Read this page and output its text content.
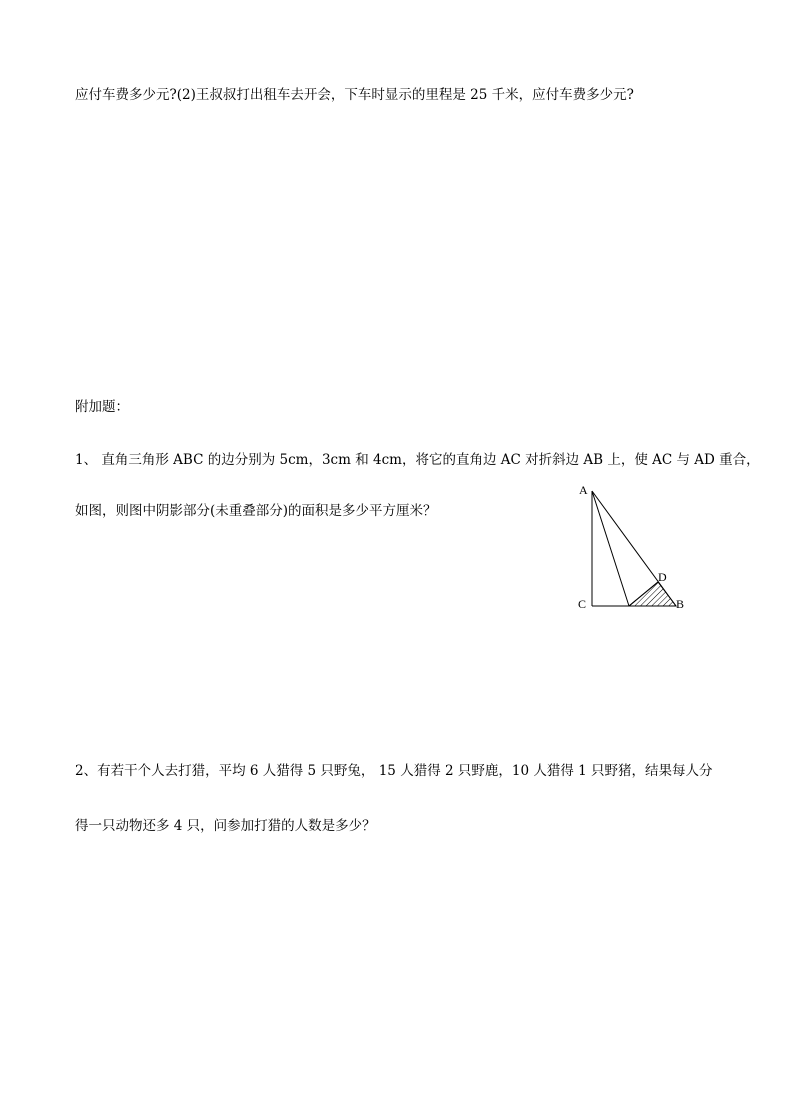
应付车费多少元?(2)王叔叔打出租车去开会，下车时显示的里程是 25 千米，应付车费多少元?
附加题：
1、 直角三角形 ABC 的边分别为 5cm，3cm 和 4cm，将它的直角边 AC 对折斜边 AB 上，使 AC 与 AD 重合，
如图，则图中阴影部分(未重叠部分)的面积是多少平方厘米？
A
C
D
B
2、有若干个人去打猎，平均 6 人猎得 5 只野兔， 15 人猎得 2 只野鹿，10 人猎得 1 只野猪，结果每人分
得一只动物还多 4 只，问参加打猎的人数是多少？
